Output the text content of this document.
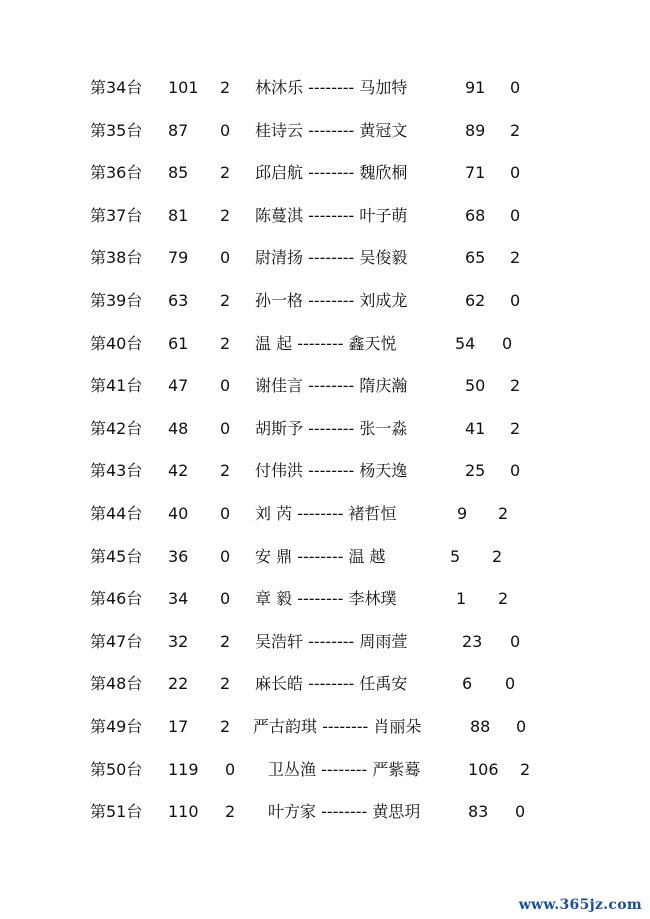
第34台 101 2 林沐乐 -------- 马加特	91 0
第35台 87 0 桂诗云 -------- 黄冠文	89 2
第36台 85 2 邱启航 -------- 魏欣桐	71 0
第37台 81 2 陈蔓淇 -------- 叶子萌	68 0
第38台 79 0 尉清扬 -------- 吴俊毅	65 2
第39台 63 2 孙一格 -------- 刘成龙	62 0
第40台 61 2 温 起 -------- 鑫天悦	54 0
第41台 47 0 谢佳言 -------- 隋庆瀚	50 2
第42台 48 0 胡斯予 -------- 张一淼	41 2
第43台 42 2 付伟洪 -------- 杨天逸	25 0
第44台 40 0 刘 芮 -------- 褚哲恒	9 2
第45台 36 0 安 鼎 -------- 温 越	5 2
第46台 34 0 章 毅 -------- 李林璞	1 2
第47台 32 2 吴浩轩 -------- 周雨萱	23 0
第48台 22 2 麻长皓 -------- 任禹安	6 0
第49台 17 2 严古韵琪 -------- 肖丽朵	88 0
第50台 119 0 卫丛渔 -------- 严紫蓦	106 2
第51台 110 2 叶方家 -------- 黄思玥	83 0
www.365jz.com
